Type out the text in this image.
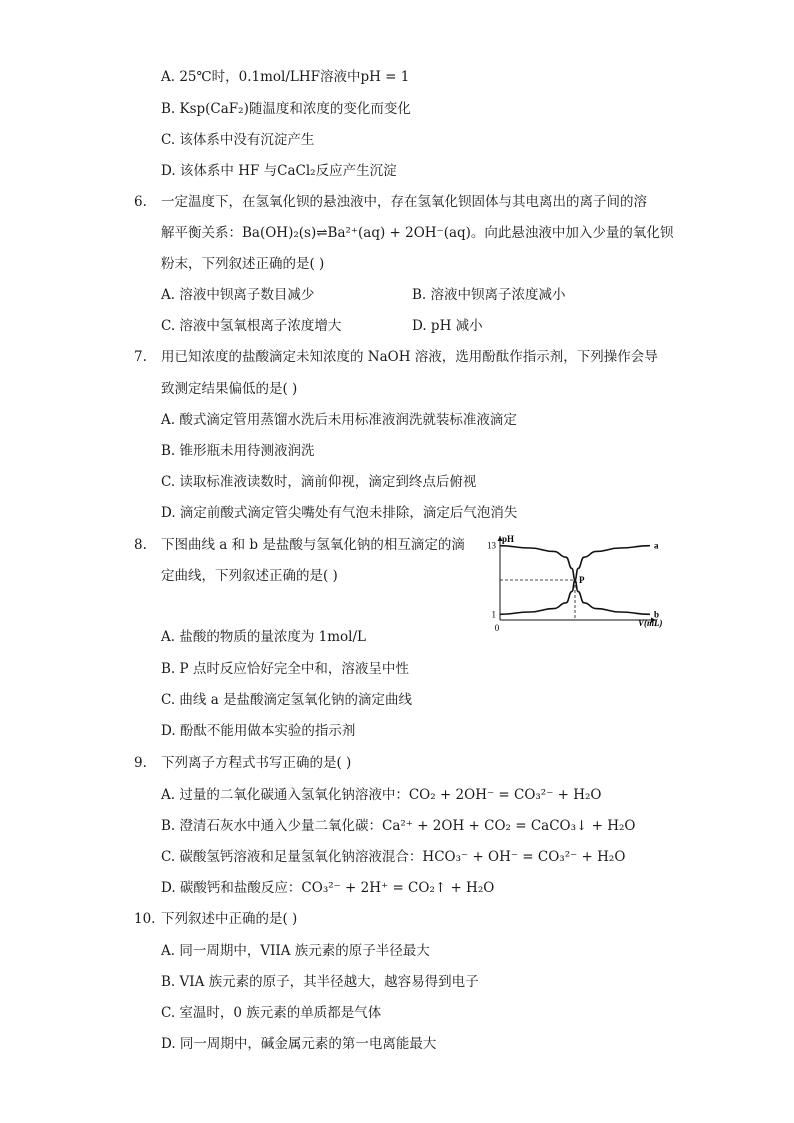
A. 25℃时，0.1mol/LHF溶液中pH = 1
B. Ksp(CaF₂)随温度和浓度的变化而变化
C. 该体系中没有沉淀产生
D. 该体系中 HF 与CaCl₂反应产生沉淀
6. 一定温度下，在氢氧化钡的悬浊液中，存在氢氧化钡固体与其电离出的离子间的溶
解平衡关系：Ba(OH)₂(s)⇌Ba²⁺(aq) + 2OH⁻(aq)。向此悬浊液中加入少量的氧化钡
粉末，下列叙述正确的是( )
A. 溶液中钡离子数目减少	B. 溶液中钡离子浓度减小
C. 溶液中氢氧根离子浓度增大	D. pH 减小
7. 用已知浓度的盐酸滴定未知浓度的 NaOH 溶液，选用酚酞作指示剂，下列操作会导
致测定结果偏低的是( )
A. 酸式滴定管用蒸馏水洗后未用标准液润洗就装标准液滴定
B. 锥形瓶未用待测液润洗
C. 读取标准液读数时，滴前仰视，滴定到终点后俯视
D. 滴定前酸式滴定管尖嘴处有气泡未排除，滴定后气泡消失
8. 下图曲线 a 和 b 是盐酸与氢氧化钠的相互滴定的滴
定曲线，下列叙述正确的是( )
pH
V(mL)
0
13
1
P
a
b
A. 盐酸的物质的量浓度为 1mol/L
B. P 点时反应恰好完全中和，溶液呈中性
C. 曲线 a 是盐酸滴定氢氧化钠的滴定曲线
D. 酚酞不能用做本实验的指示剂
9. 下列离子方程式书写正确的是( )
A. 过量的二氧化碳通入氢氧化钠溶液中：CO₂ + 2OH⁻ = CO₃²⁻ + H₂O
B. 澄清石灰水中通入少量二氧化碳：Ca²⁺ + 2OH + CO₂ = CaCO₃↓ + H₂O
C. 碳酸氢钙溶液和足量氢氧化钠溶液混合：HCO₃⁻ + OH⁻ = CO₃²⁻ + H₂O
D. 碳酸钙和盐酸反应：CO₃²⁻ + 2H⁺ = CO₂↑ + H₂O
10. 下列叙述中正确的是( )
A. 同一周期中，VIIA 族元素的原子半径最大
B. VIA 族元素的原子，其半径越大，越容易得到电子
C. 室温时，0 族元素的单质都是气体
D. 同一周期中，碱金属元素的第一电离能最大
